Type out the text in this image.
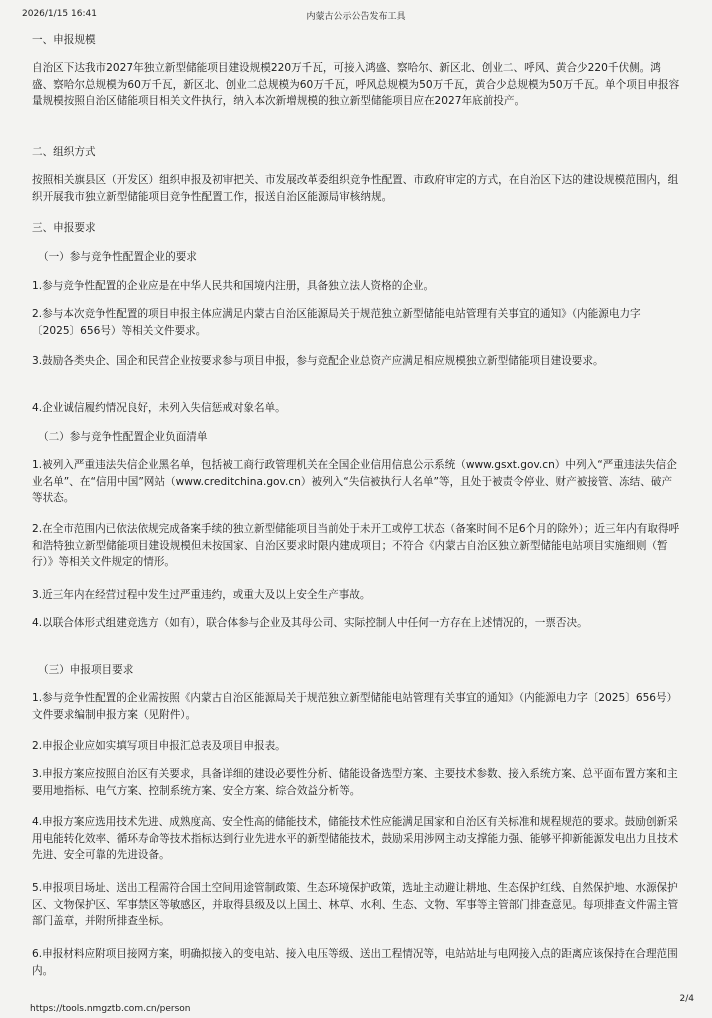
2026/1/15 16:41	内蒙古公示公告发布工具

一、申报规模

自治区下达我市2027年独立新型储能项目建设规模220万千瓦，可接入鸿盛、察哈尔、新区北、创业二、呼风、黄合少220千伏侧。鸿盛、察哈尔总规模为60万千瓦，新区北、创业二总规模为60万千瓦，呼风总规模为50万千瓦，黄合少总规模为50万千瓦。单个项目申报容量规模按照自治区储能项目相关文件执行，纳入本次新增规模的独立新型储能项目应在2027年底前投产。

二、组织方式

按照相关旗县区（开发区）组织申报及初审把关、市发展改革委组织竞争性配置、市政府审定的方式，在自治区下达的建设规模范围内，组织开展我市独立新型储能项目竞争性配置工作，报送自治区能源局审核纳规。

三、申报要求

（一）参与竞争性配置企业的要求

1.参与竞争性配置的企业应是在中华人民共和国境内注册，具备独立法人资格的企业。

2.参与本次竞争性配置的项目申报主体应满足内蒙古自治区能源局关于规范独立新型储能电站管理有关事宜的通知》（内能源电力字〔2025〕656号）等相关文件要求。

3.鼓励各类央企、国企和民营企业按要求参与项目申报，参与竞配企业总资产应满足相应规模独立新型储能项目建设要求。

4.企业诚信履约情况良好，未列入失信惩戒对象名单。

（二）参与竞争性配置企业负面清单

1.被列入严重违法失信企业黑名单，包括被工商行政管理机关在全国企业信用信息公示系统（www.gsxt.gov.cn）中列入“严重违法失信企业名单”、在“信用中国”网站（www.creditchina.gov.cn）被列入“失信被执行人名单”等，且处于被责令停业、财产被接管、冻结、破产等状态。

2.在全市范围内已依法依规完成备案手续的独立新型储能项目当前处于未开工或停工状态（备案时间不足6个月的除外）；近三年内有取得呼和浩特独立新型储能项目建设规模但未按国家、自治区要求时限内建成项目；不符合《内蒙古自治区独立新型储能电站项目实施细则（暂行）》等相关文件规定的情形。

3.近三年内在经营过程中发生过严重违约，或重大及以上安全生产事故。

4.以联合体形式组建竞选方（如有），联合体参与企业及其母公司、实际控制人中任何一方存在上述情况的，一票否决。

（三）申报项目要求

1.参与竞争性配置的企业需按照《内蒙古自治区能源局关于规范独立新型储能电站管理有关事宜的通知》（内能源电力字〔2025〕656号）文件要求编制申报方案（见附件）。

2.申报企业应如实填写项目申报汇总表及项目申报表。

3.申报方案应按照自治区有关要求，具备详细的建设必要性分析、储能设备选型方案、主要技术参数、接入系统方案、总平面布置方案和主要用地指标、电气方案、控制系统方案、安全方案、综合效益分析等。

4.申报方案应选用技术先进、成熟度高、安全性高的储能技术，储能技术性应能满足国家和自治区有关标准和规程规范的要求。鼓励创新采用电能转化效率、循环寿命等技术指标达到行业先进水平的新型储能技术，鼓励采用涉网主动支撑能力强、能够平抑新能源发电出力且技术先进、安全可靠的先进设备。

5.申报项目场址、送出工程需符合国土空间用途管制政策、生态环境保护政策，选址主动避让耕地、生态保护红线、自然保护地、水源保护区、文物保护区、军事禁区等敏感区，并取得县级及以上国土、林草、水利、生态、文物、军事等主管部门排查意见。每项排查文件需主管部门盖章，并附所排查坐标。

6.申报材料应附项目接网方案，明确拟接入的变电站、接入电压等级、送出工程情况等，电站站址与电网接入点的距离应该保持在合理范围内。

https://tools.nmgztb.com.cn/person
2/4
